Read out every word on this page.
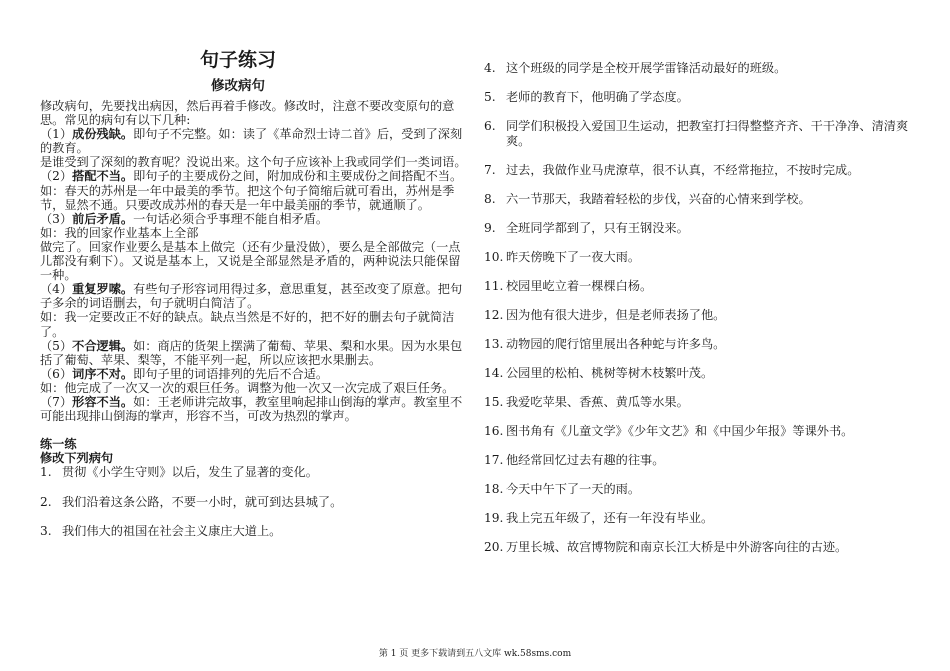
句子练习
修改病句

修改病句，先要找出病因，然后再着手修改。修改时，注意不要改变原句的意思。常见的病句有以下几种:

（1）成份残缺。即句子不完整。如：读了《革命烈士诗二首》后，受到了深刻的教育。

是谁受到了深刻的教育呢？没说出来。这个句子应该补上我或同学们一类词语。

（2）搭配不当。即句子的主要成份之间，附加成份和主要成份之间搭配不当。

如：春天的苏州是一年中最美的季节。把这个句子简缩后就可看出，苏州是季节，显然不通。只要改成苏州的春天是一年中最美丽的季节，就通顺了。

（3）前后矛盾。一句话必须合乎事理不能自相矛盾。

如：我的回家作业基本上全部

做完了。回家作业要么是基本上做完（还有少量没做），要么是全部做完（一点儿都没有剩下）。又说是基本上，又说是全部显然是矛盾的，两种说法只能保留一种。

（4）重复罗嗦。有些句子形容词用得过多，意思重复，甚至改变了原意。把句子多余的词语删去，句子就明白简洁了。

如：我一定要改正不好的缺点。缺点当然是不好的，把不好的删去句子就简洁了。

（5）不合逻辑。如：商店的货架上摆满了葡萄、苹果、梨和水果。因为水果包括了葡萄、苹果、梨等，不能平列一起，所以应该把水果删去。

（6）词序不对。即句子里的词语排列的先后不合适。

如：他完成了一次又一次的艰巨任务。调整为他一次又一次完成了艰巨任务。

（7）形容不当。如：王老师讲完故事，教室里响起排山倒海的掌声。教室里不可能出现排山倒海的掌声，形容不当，可改为热烈的掌声。

练一练

修改下列病句

1. 贯彻《小学生守则》以后，发生了显著的变化。
2. 我们沿着这条公路，不要一小时，就可到达县城了。
3. 我们伟大的祖国在社会主义康庄大道上。
4. 这个班级的同学是全校开展学雷锋活动最好的班级。
5. 老师的教育下，他明确了学态度。
6. 同学们积极投入爱国卫生运动，把教室打扫得整整齐齐、干干净净、清清爽爽。
7. 过去，我做作业马虎潦草，很不认真，不经常拖拉，不按时完成。
8. 六一节那天，我踏着轻松的步伐，兴奋的心情来到学校。
9. 全班同学都到了，只有王钢没来。
10. 昨天傍晚下了一夜大雨。
11. 校园里屹立着一棵棵白杨。
12. 因为他有很大进步，但是老师表扬了他。
13. 动物园的爬行馆里展出各种蛇与许多鸟。
14. 公园里的松柏、桃树等树木枝繁叶茂。
15. 我爱吃苹果、香蕉、黄瓜等水果。
16. 图书角有《儿童文学》《少年文艺》和《中国少年报》等课外书。
17. 他经常回忆过去有趣的往事。
18. 今天中午下了一天的雨。
19. 我上完五年级了，还有一年没有毕业。
20. 万里长城、故宫博物院和南京长江大桥是中外游客向往的古迹。
第 1 页 更多下载请到五八文库 wk.58sms.com
